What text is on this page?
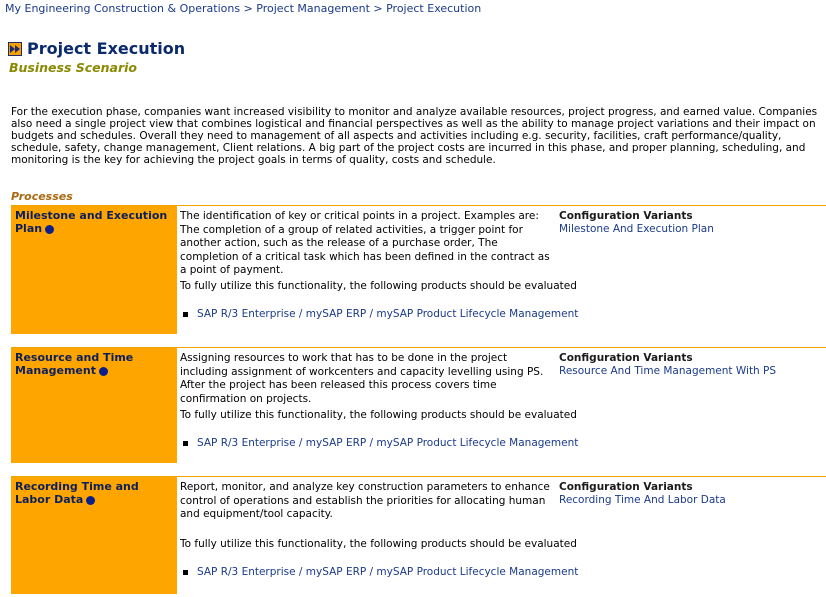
My Engineering Construction & Operations > Project Management > Project Execution
Project Execution
Business Scenario
For the execution phase, companies want increased visibility to monitor and analyze available resources, project progress, and earned value. Companies also need a single project view that combines logistical and financial perspectives as well as the ability to manage project variations and their impact on budgets and schedules. Overall they need to management of all aspects and activities including e.g. security, facilities, craft performance/quality, schedule, safety, change management, Client relations. A big part of the project costs are incurred in this phase, and proper planning, scheduling, and monitoring is the key for achieving the project goals in terms of quality, costs and schedule.
Processes
Milestone and Execution Plan
The identification of key or critical points in a project. Examples are: The completion of a group of related activities, a trigger point for another action, such as the release of a purchase order, The completion of a critical task which has been defined in the contract as a point of payment.
To fully utilize this functionality, the following products should be evaluated
SAP R/3 Enterprise / mySAP ERP / mySAP Product Lifecycle Management
Configuration Variants
Milestone And Execution Plan
Resource and Time Management
Assigning resources to work that has to be done in the project including assignment of workcenters and capacity levelling using PS. After the project has been released this process covers time confirmation on projects.
To fully utilize this functionality, the following products should be evaluated
SAP R/3 Enterprise / mySAP ERP / mySAP Product Lifecycle Management
Configuration Variants
Resource And Time Management With PS
Recording Time and Labor Data
Report, monitor, and analyze key construction parameters to enhance control of operations and establish the priorities for allocating human and equipment/tool capacity.
To fully utilize this functionality, the following products should be evaluated
SAP R/3 Enterprise / mySAP ERP / mySAP Product Lifecycle Management
Configuration Variants
Recording Time And Labor Data
